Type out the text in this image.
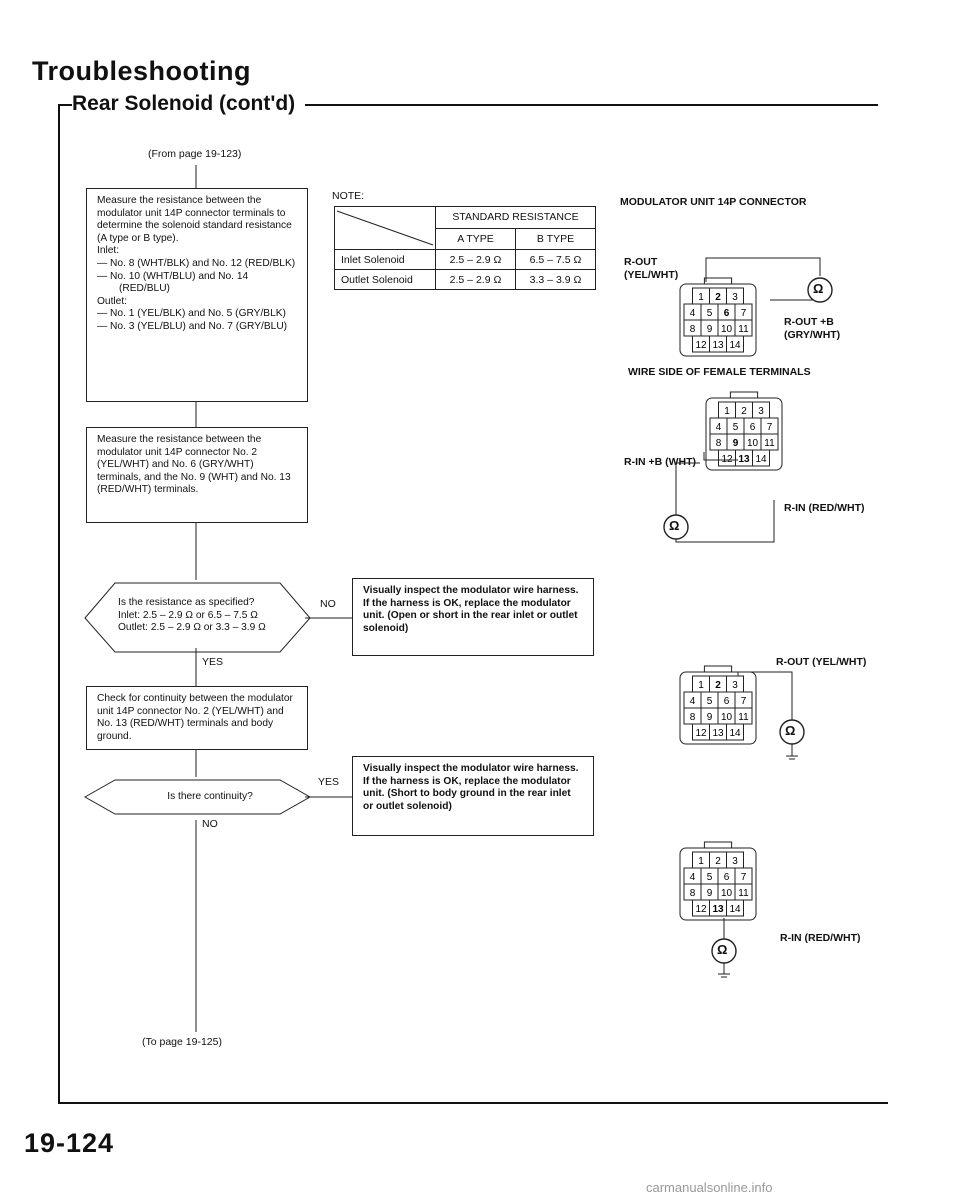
Troubleshooting
Rear Solenoid (cont'd)
(From page 19-123)
Measure the resistance between the modulator unit 14P connector terminals to determine the solenoid standard resistance (A type or B type).
Inlet:
— No. 8 (WHT/BLK) and No. 12 (RED/BLK)
— No. 10 (WHT/BLU) and No. 14 (RED/BLU)
Outlet:
— No. 1 (YEL/BLK) and No. 5 (GRY/BLK)
— No. 3 (YEL/BLU) and No. 7 (GRY/BLU)
Measure the resistance between the modulator unit 14P connector No. 2 (YEL/WHT) and No. 6 (GRY/WHT) terminals, and the No. 9 (WHT) and No. 13 (RED/WHT) terminals.
Is the resistance as specified?
Inlet: 2.5 – 2.9 Ω or 6.5 – 7.5 Ω
Outlet: 2.5 – 2.9 Ω or 3.3 – 3.9 Ω
NO
YES
Visually inspect the modulator wire harness. If the harness is OK, replace the modulator unit. (Open or short in the rear inlet or outlet solenoid)
Check for continuity between the modulator unit 14P connector No. 2 (YEL/WHT) and No. 13 (RED/WHT) terminals and body ground.
Is there continuity?
YES
NO
Visually inspect the modulator wire harness. If the harness is OK, replace the modulator unit. (Short to body ground in the rear inlet or outlet solenoid)
(To page 19-125)
NOTE:
	STANDARD RESISTANCE	
	A TYPE	B TYPE
Inlet Solenoid	2.5 – 2.9 Ω	6.5 – 7.5 Ω
Outlet Solenoid	2.5 – 2.9 Ω	3.3 – 3.9 Ω
MODULATOR UNIT 14P CONNECTOR
WIRE SIDE OF FEMALE TERMINALS
R-OUT
(YEL/WHT)
R-OUT +B
(GRY/WHT)
R-IN +B (WHT)
R-IN (RED/WHT)
R-OUT (YEL/WHT)
R-IN (RED/WHT)
1 2 3
4 5 6 7
8 9 10 11
12 13 14
1 2 3
4 5 6 7
8 9 10 11
12 13 14
1 2 3
4 5 6 7
8 9 10 11
12 13 14
1 2 3
4 5 6 7
8 9 10 11
12 13 14
Ω
Ω
Ω
Ω
19-124
carmanualsonline.info
